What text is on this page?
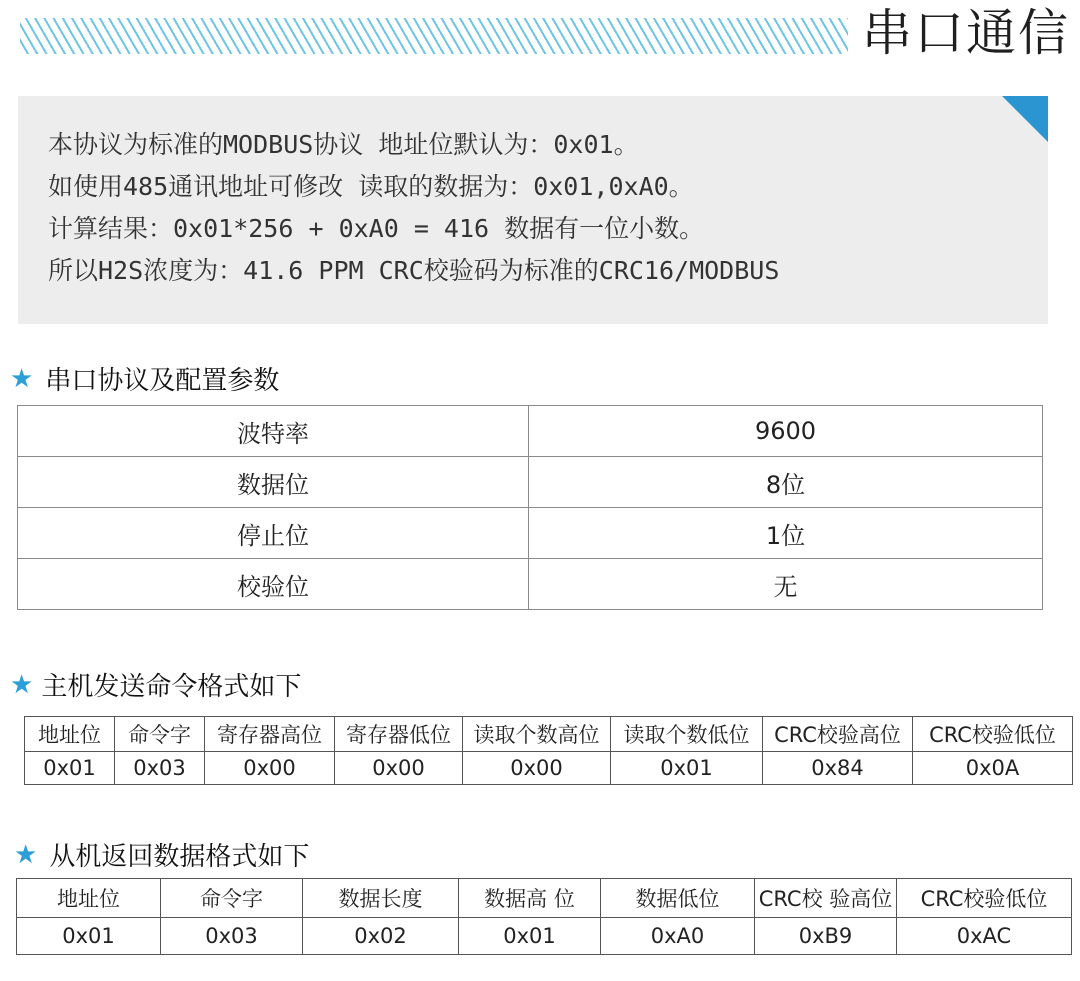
串口通信
本协议为标准的MODBUS协议 地址位默认为：0x01。
如使用485通讯地址可修改 读取的数据为：0x01,0xA0。
计算结果：0x01*256 + 0xA0 = 416 数据有一位小数。
所以H2S浓度为：41.6 PPM CRC校验码为标准的CRC16/MODBUS
★ 串口协议及配置参数
波特率	9600
数据位	8位
停止位	1位
校验位	无
★ 主机发送命令格式如下
地址位	命令字	寄存器高位	寄存器低位	读取个数高位	读取个数低位	CRC校验高位	CRC校验低位
0x01	0x03	0x00	0x00	0x00	0x01	0x84	0x0A
★ 从机返回数据格式如下
地址位	命令字	数据长度	数据高 位	数据低位	CRC校 验高位	CRC校验低位
0x01	0x03	0x02	0x01	0xA0	0xB9	0xAC
